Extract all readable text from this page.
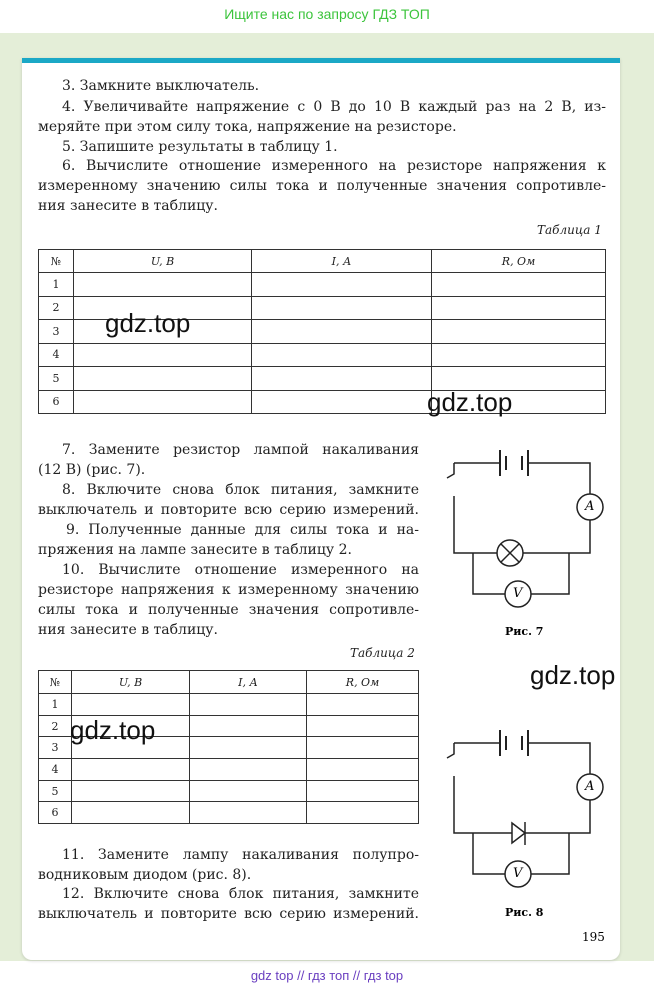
Ищите нас по запросу ГДЗ ТОП
3. Замкните выключатель.
4. Увеличивайте напряжение с 0 В до 10 В каждый раз на 2 В, из-
меряйте при этом силу тока, напряжение на резисторе.
5. Запишите результаты в таблицу 1.
6. Вычислите отношение измеренного на резисторе напряжения к
измеренному значению силы тока и полученные значения сопротивле-
ния занесите в таблицу.
Таблица 1
№	U, В	I, А	R, Ом
1			
2			
3			
4			
5			
6			
7. Замените резистор лампой накаливания
(12 В) (рис. 7).
8. Включите снова блок питания, замкните
выключатель и повторите всю серию измерений.
9. Полученные данные для силы тока и на-
пряжения на лампе занесите в таблицу 2.
10. Вычислите отношение измеренного на
резисторе напряжения к измеренному значению
силы тока и полученные значения сопротивле-
ния занесите в таблицу.
Таблица 2
№	U, В	I, А	R, Ом
1			
2			
3			
4			
5			
6			
11. Замените лампу накаливания полупро-
водниковым диодом (рис. 8).
12. Включите снова блок питания, замкните
выключатель и повторите всю серию измерений.
A
V
Рис. 7
A
V
Рис. 8
195
gdz.top
gdz.top
gdz.top
gdz.top
gdz top // гдз топ // гдз top
